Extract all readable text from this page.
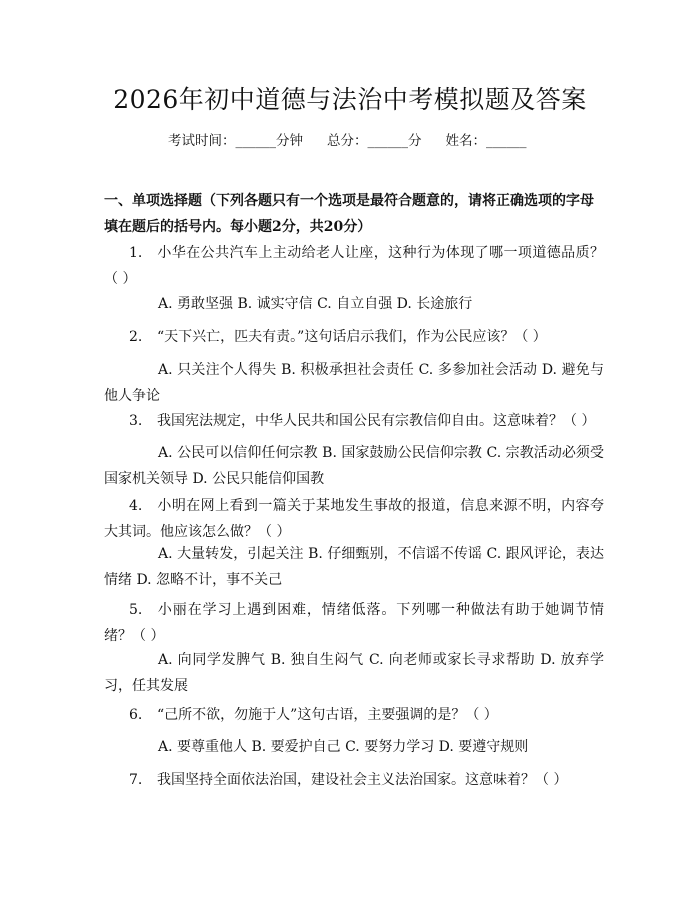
2026年初中道德与法治中考模拟题及答案
考试时间：______分钟 总分：______分 姓名：______
一、单项选择题（下列各题只有一个选项是最符合题意的，请将正确选项的字母填在题后的括号内。每小题2分，共20分）
1. 小华在公共汽车上主动给老人让座，这种行为体现了哪一项道德品质？（ ）
A. 勇敢坚强 B. 诚实守信 C. 自立自强 D. 长途旅行
2. “天下兴亡，匹夫有责。”这句话启示我们，作为公民应该？（ ）
A. 只关注个人得失 B. 积极承担社会责任 C. 多参加社会活动 D. 避免与他人争论
3. 我国宪法规定，中华人民共和国公民有宗教信仰自由。这意味着？（ ）
A. 公民可以信仰任何宗教 B. 国家鼓励公民信仰宗教 C. 宗教活动必须受国家机关领导 D. 公民只能信仰国教
4. 小明在网上看到一篇关于某地发生事故的报道，信息来源不明，内容夸大其词。他应该怎么做？（ ）
A. 大量转发，引起关注 B. 仔细甄别，不信谣不传谣 C. 跟风评论，表达情绪 D. 忽略不计，事不关己
5. 小丽在学习上遇到困难，情绪低落。下列哪一种做法有助于她调节情绪？（ ）
A. 向同学发脾气 B. 独自生闷气 C. 向老师或家长寻求帮助 D. 放弃学习，任其发展
6. “己所不欲，勿施于人”这句古语，主要强调的是？（ ）
A. 要尊重他人 B. 要爱护自己 C. 要努力学习 D. 要遵守规则
7. 我国坚持全面依法治国，建设社会主义法治国家。这意味着？（ ）
